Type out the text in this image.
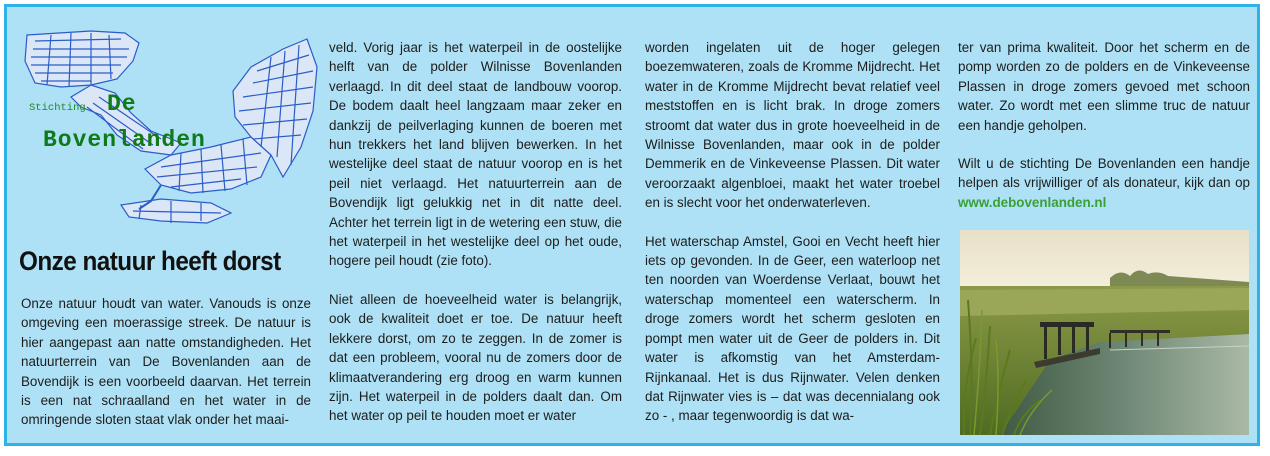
Stichting De
Bovenlanden
Onze natuur heeft dorst

Onze natuur houdt van water. Vanouds is onze omgeving een moerassige streek. De natuur is hier aangepast aan natte omstandigheden. Het natuurterrein van De Bovenlanden aan de Bovendijk is een voorbeeld daarvan. Het terrein is een nat schraalland en het water in de omringende sloten staat vlak onder het maai-

veld. Vorig jaar is het waterpeil in de oostelijke helft van de polder Wilnisse Bovenlanden verlaagd. In dit deel staat de landbouw voorop. De bodem daalt heel langzaam maar zeker en dankzij de peilverlaging kunnen de boeren met hun trekkers het land blijven bewerken. In het westelijke deel staat de natuur voorop en is het peil niet verlaagd. Het natuurterrein aan de Bovendijk ligt gelukkig net in dit natte deel. Achter het terrein ligt in de wetering een stuw, die het waterpeil in het westelijke deel op het oude, hogere peil houdt (zie foto).

Niet alleen de hoeveelheid water is belangrijk, ook de kwaliteit doet er toe. De natuur heeft lekkere dorst, om zo te zeggen. In de zomer is dat een probleem, vooral nu de zomers door de klimaatverandering erg droog en warm kunnen zijn. Het waterpeil in de polders daalt dan. Om het water op peil te houden moet er water

worden ingelaten uit de hoger gelegen boezemwateren, zoals de Kromme Mijdrecht. Het water in de Kromme Mijdrecht bevat relatief veel meststoffen en is licht brak. In droge zomers stroomt dat water dus in grote hoeveelheid in de Wilnisse Bovenlanden, maar ook in de polder Demmerik en de Vinkeveense Plassen. Dit water veroorzaakt algenbloei, maakt het water troebel en is slecht voor het onderwaterleven.

Het waterschap Amstel, Gooi en Vecht heeft hier iets op gevonden. In de Geer, een waterloop net ten noorden van Woerdense Verlaat, bouwt het waterschap momenteel een waterscherm. In droge zomers wordt het scherm gesloten en pompt men water uit de Geer de polders in. Dit water is afkomstig van het Amsterdam-Rijnkanaal. Het is dus Rijnwater. Velen denken dat Rijnwater vies is – dat was decennialang ook zo - , maar tegenwoordig is dat wa-

ter van prima kwaliteit. Door het scherm en de pomp worden zo de polders en de Vinkeveense Plassen in droge zomers gevoed met schoon water. Zo wordt met een slimme truc de natuur een handje geholpen.

Wilt u de stichting De Bovenlanden een handje helpen als vrijwilliger of als donateur, kijk dan op www.debovenlanden.nl
